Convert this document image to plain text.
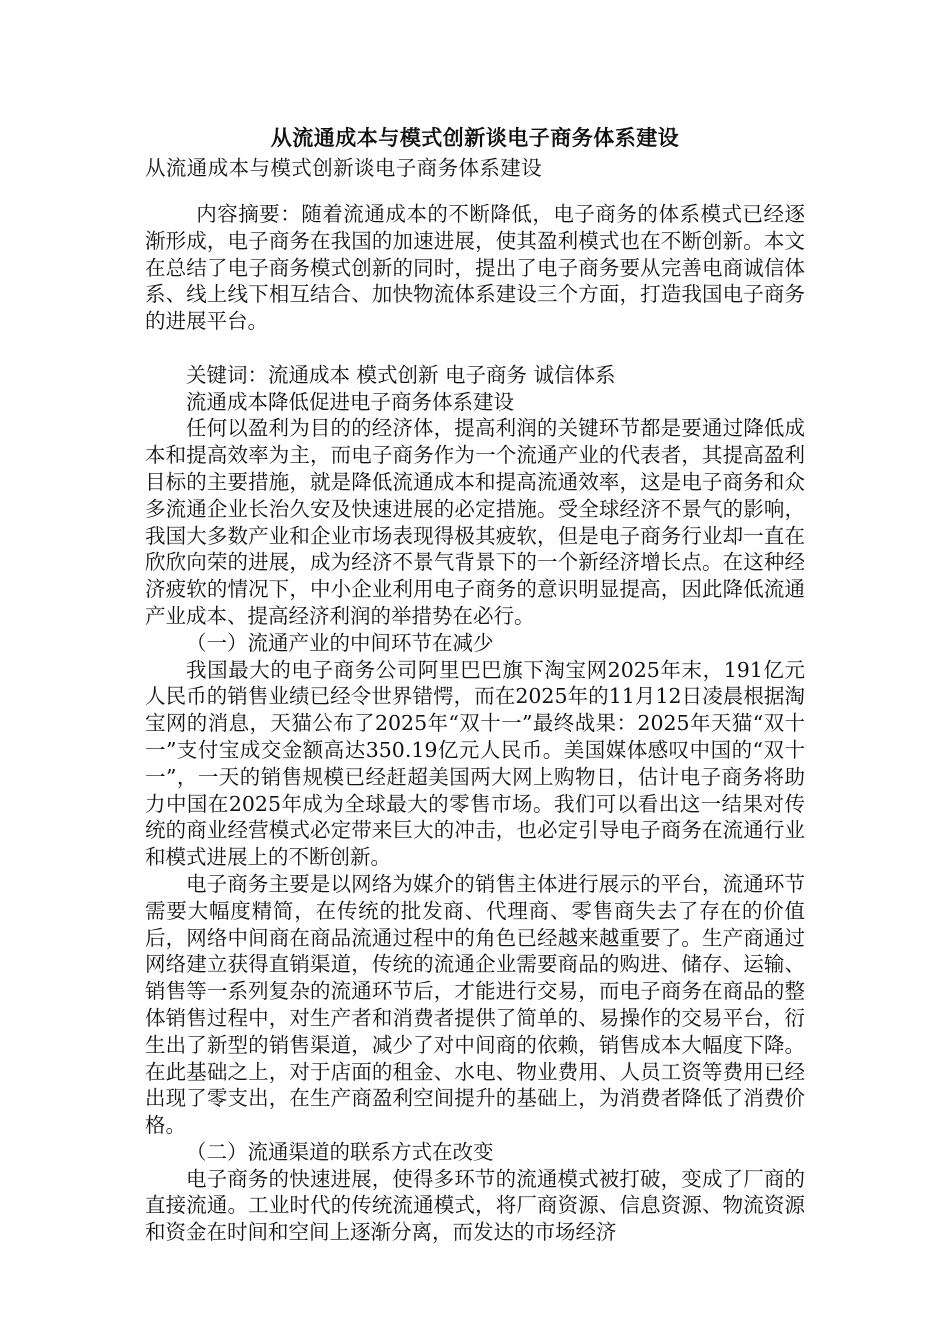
从流通成本与模式创新谈电子商务体系建设
从流通成本与模式创新谈电子商务体系建设

内容摘要：随着流通成本的不断降低，电子商务的体系模式已经逐渐形成，电子商务在我国的加速进展，使其盈利模式也在不断创新。本文在总结了电子商务模式创新的同时，提出了电子商务要从完善电商诚信体系、线上线下相互结合、加快物流体系建设三个方面，打造我国电子商务的进展平台。

关键词：流通成本 模式创新 电子商务 诚信体系

流通成本降低促进电子商务体系建设

任何以盈利为目的的经济体，提高利润的关键环节都是要通过降低成本和提高效率为主，而电子商务作为一个流通产业的代表者，其提高盈利目标的主要措施，就是降低流通成本和提高流通效率，这是电子商务和众多流通企业长治久安及快速进展的必定措施。受全球经济不景气的影响，我国大多数产业和企业市场表现得极其疲软，但是电子商务行业却一直在欣欣向荣的进展，成为经济不景气背景下的一个新经济增长点。在这种经济疲软的情况下，中小企业利用电子商务的意识明显提高，因此降低流通产业成本、提高经济利润的举措势在必行。

（一）流通产业的中间环节在减少

我国最大的电子商务公司阿里巴巴旗下淘宝网2025年末，191亿元人民币的销售业绩已经令世界错愕，而在2025年的11月12日凌晨根据淘宝网的消息，天猫公布了2025年“双十一”最终战果：2025年天猫“双十一”支付宝成交金额高达350.19亿元人民币。美国媒体感叹中国的“双十一”，一天的销售规模已经赶超美国两大网上购物日，估计电子商务将助力中国在2025年成为全球最大的零售市场。我们可以看出这一结果对传统的商业经营模式必定带来巨大的冲击，也必定引导电子商务在流通行业和模式进展上的不断创新。

电子商务主要是以网络为媒介的销售主体进行展示的平台，流通环节需要大幅度精简，在传统的批发商、代理商、零售商失去了存在的价值后，网络中间商在商品流通过程中的角色已经越来越重要了。生产商通过网络建立获得直销渠道，传统的流通企业需要商品的购进、储存、运输、销售等一系列复杂的流通环节后，才能进行交易，而电子商务在商品的整体销售过程中，对生产者和消费者提供了简单的、易操作的交易平台，衍生出了新型的销售渠道，减少了对中间商的依赖，销售成本大幅度下降。在此基础之上，对于店面的租金、水电、物业费用、人员工资等费用已经出现了零支出，在生产商盈利空间提升的基础上，为消费者降低了消费价格。

（二）流通渠道的联系方式在改变

电子商务的快速进展，使得多环节的流通模式被打破，变成了厂商的直接流通。工业时代的传统流通模式，将厂商资源、信息资源、物流资源和资金在时间和空间上逐渐分离，而发达的市场经济
